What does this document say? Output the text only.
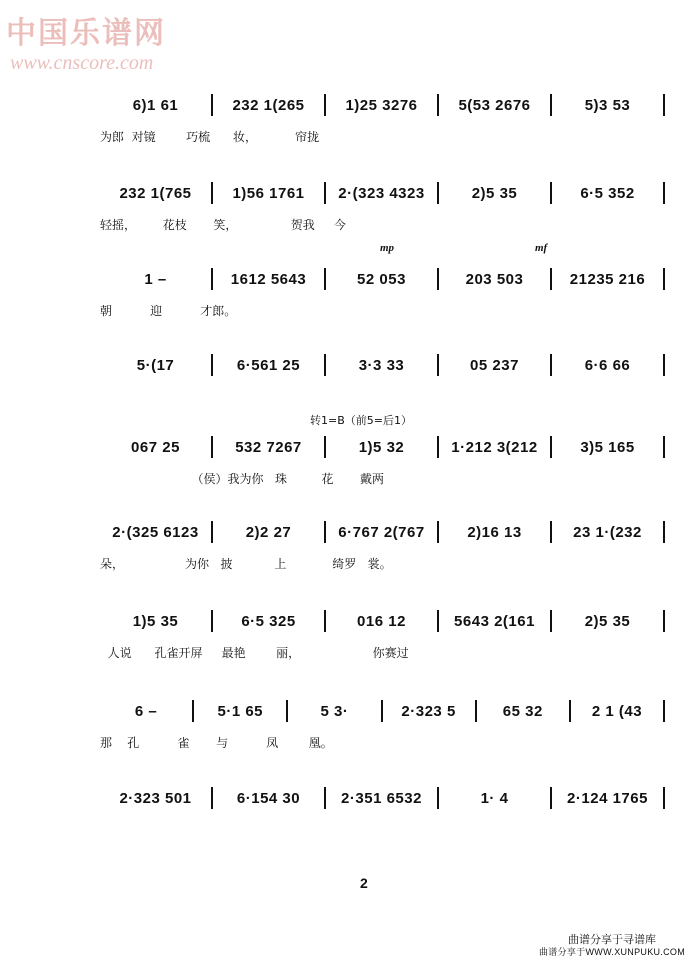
中国乐谱网
www.cnscore.com
6)1 61	232 1(265	1)25 3276	5(53 2676	5)3 53
为郎  对镜        巧梳      妆，          帘拢
232 1(765	1)56 1761	2·(323 4323	2)5 35	6·5 352
轻摇，       花枝       笑，              贺我     今
mp	mf
1 –	1612 5643	52 053	203 503	21235 216
朝          迎          才郎。
5·(17	6·561 25	3·3 33	05 237	6·6 66
转1=B（前5=后1）
067 25	532 7267	1)5 32	1·212 3(212	3)5 165
（侯）我为你   珠         花       戴两
2·(325 6123	2)2 27	6·767 2(767	2)16 13	23 1·(232
朵，                为你   披           上            绮罗   裳。
1)5 35	6·5 325	016 12	5643 2(161	2)5 35
人说      孔雀开屏     最艳        丽，                   你赛过
6 –	5·1 65	5 3·	2·323 5	65 32	2 1 (43
那    孔          雀       与          凤        凰。
2·323 501	6·154 30	2·351 6532	1· 4	2·124 1765
2
曲谱分享于寻谱库
曲谱分享于WWW.XUNPUKU.COM
